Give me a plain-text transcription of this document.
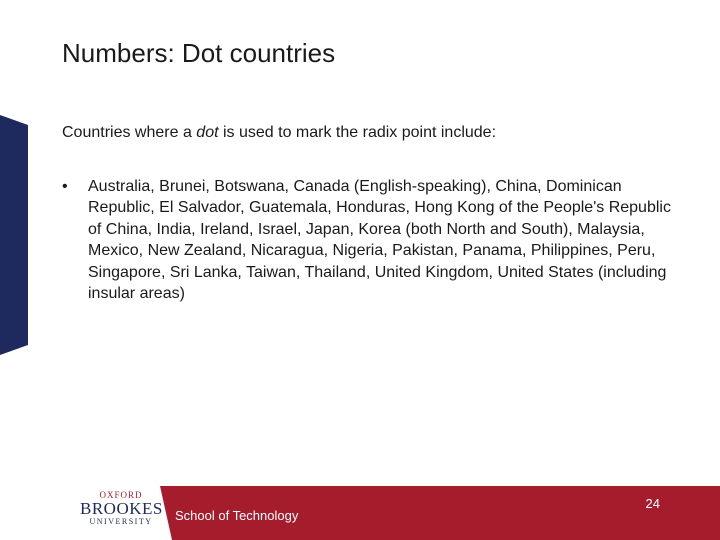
Numbers: Dot countries

Countries where a dot is used to mark the radix point include:

• Australia, Brunei, Botswana, Canada (English-speaking), China, Dominican Republic, El Salvador, Guatemala, Honduras, Hong Kong of the People's Republic of China, India, Ireland, Israel, Japan, Korea (both North and South), Malaysia, Mexico, New Zealand, Nicaragua, Nigeria, Pakistan, Panama, Philippines, Peru, Singapore, Sri Lanka, Taiwan, Thailand, United Kingdom, United States (including insular areas)
OXFORD
BROOKES
UNIVERSITY	School of Technology
24
